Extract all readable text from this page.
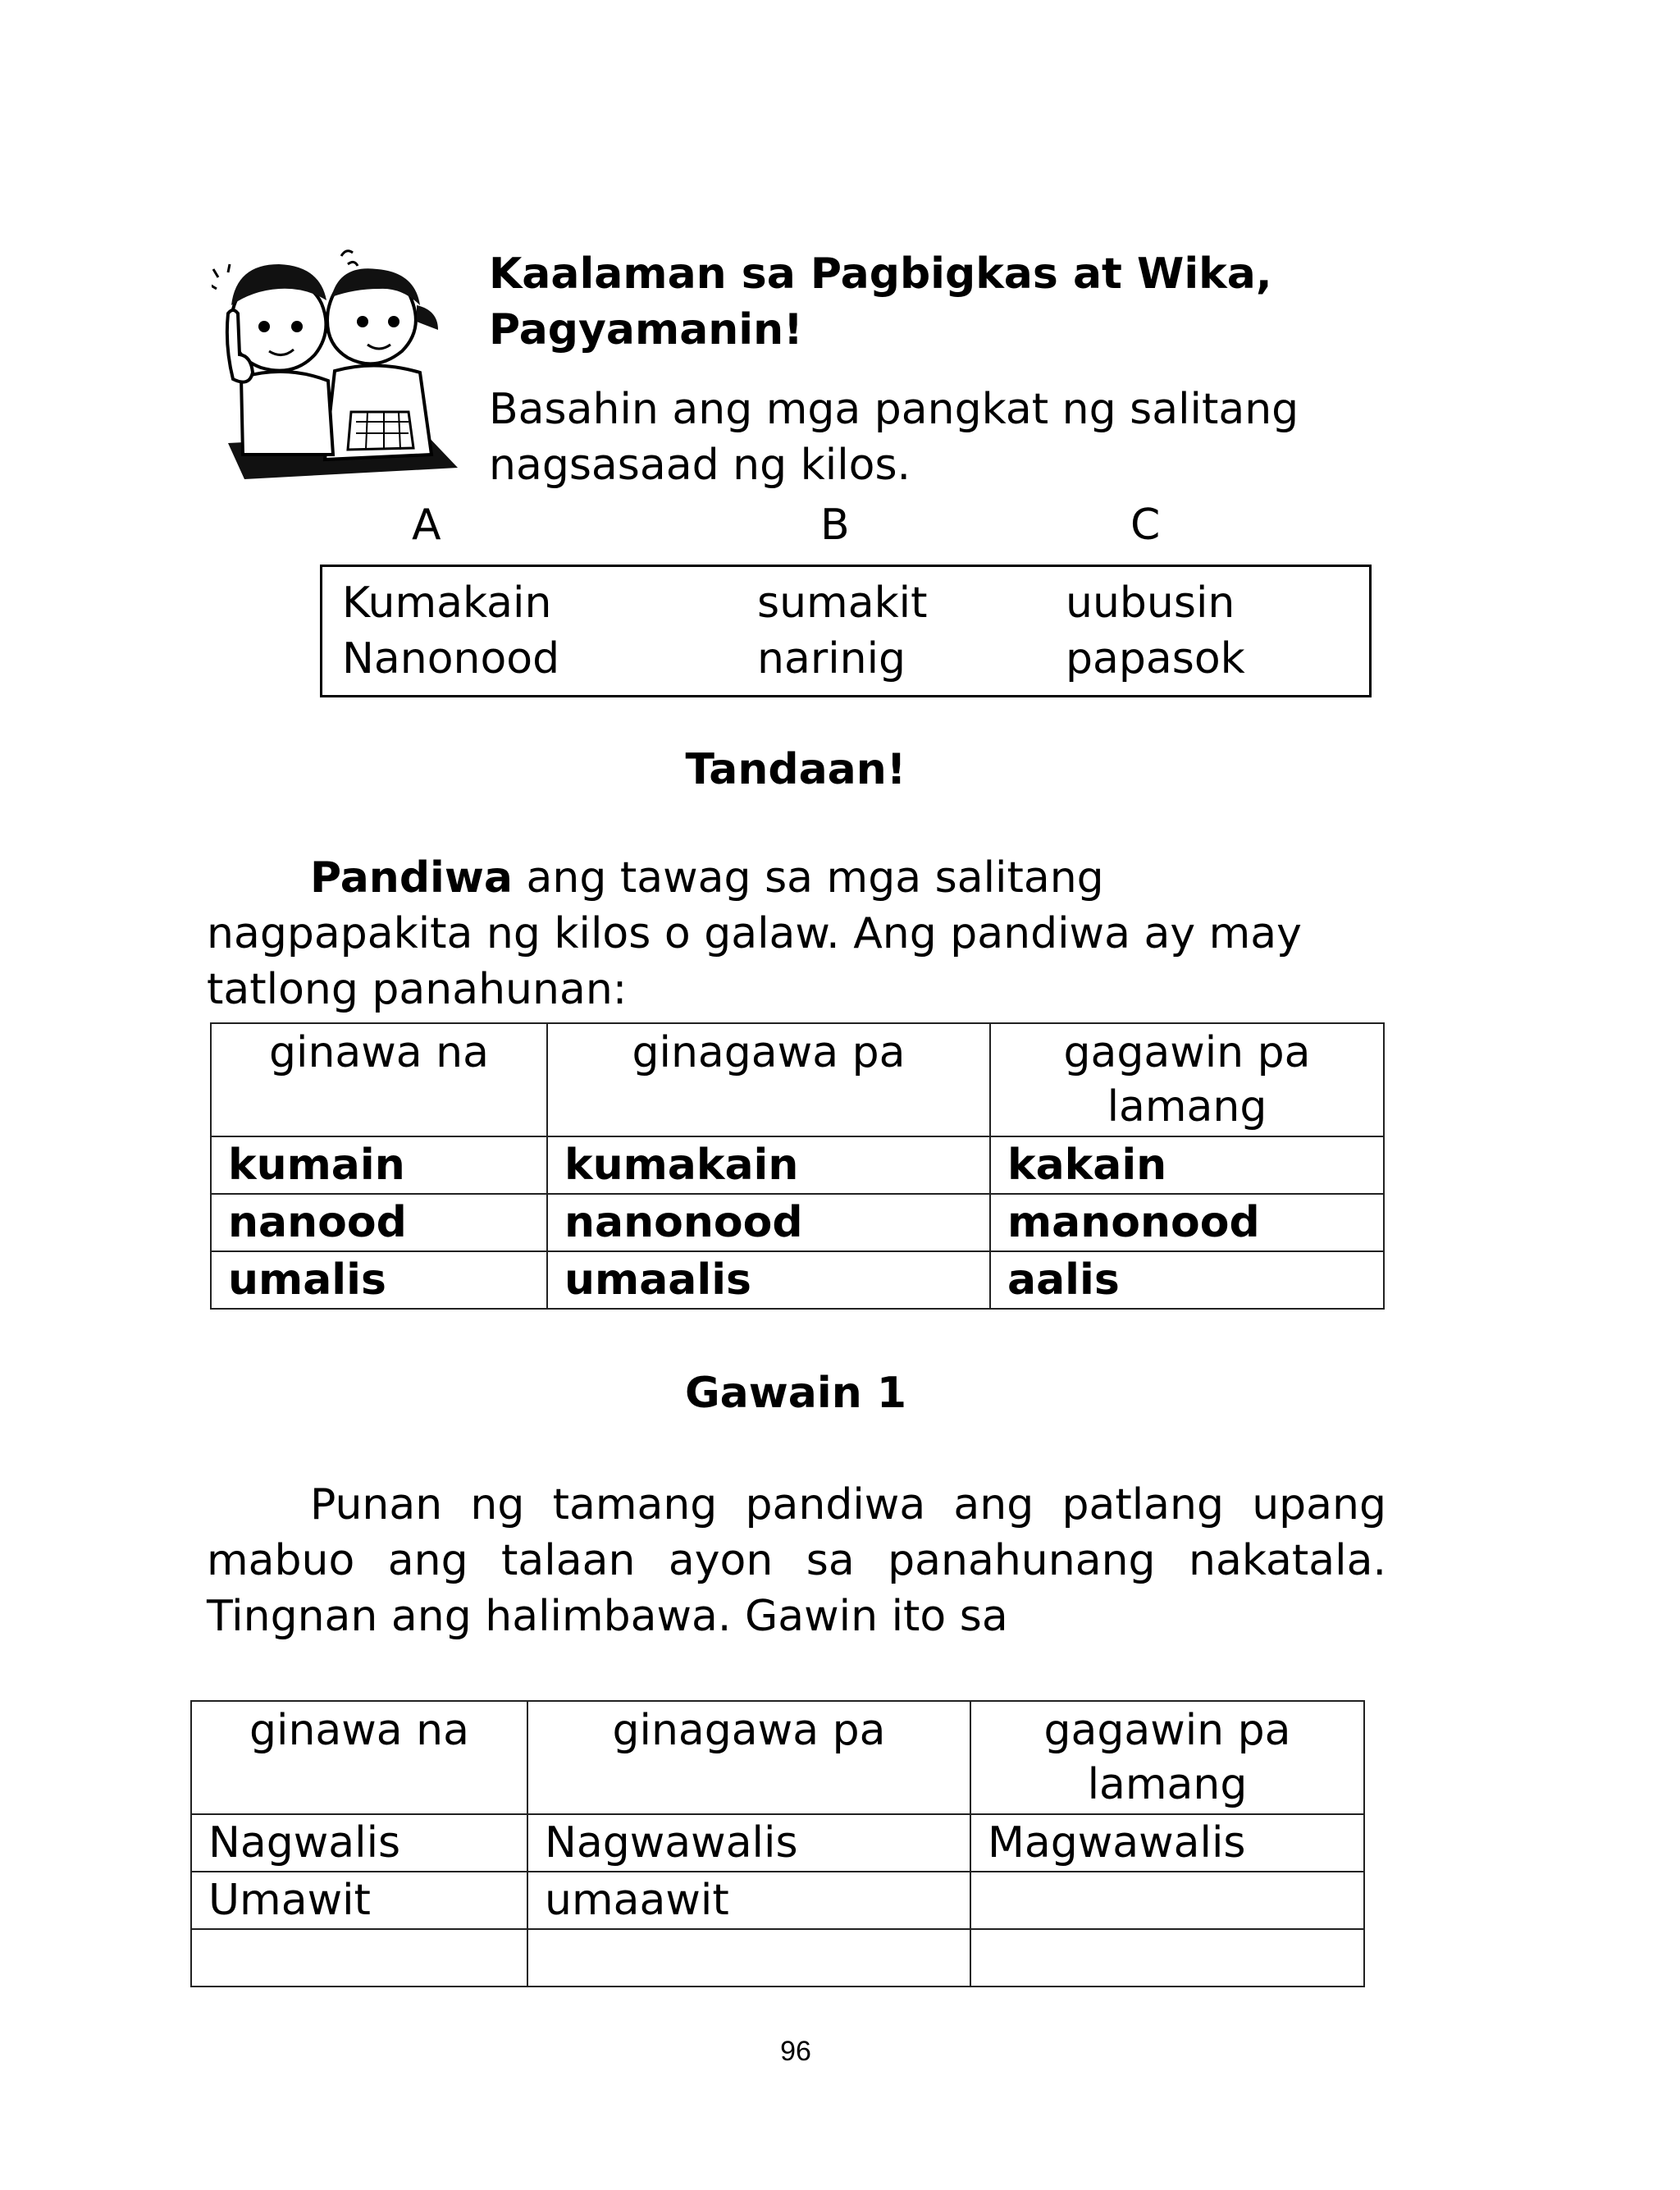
Kaalaman sa Pagbigkas at Wika,
Pagyamanin!
Basahin ang mga pangkat ng salitang
nagsasaad ng kilos.
A	B	C
Kumakain	sumakit	uubusin
Nanonood	narinig	papasok
Tandaan!
Pandiwa ang tawag sa mga salitang
nagpapakita ng kilos o galaw. Ang pandiwa ay may
tatlong panahunan:
ginawa na	ginagawa pa	gagawin pa lamang
kumain	kumakain	kakain
nanood	nanonood	manonood
umalis	umaalis	aalis
Gawain 1
Punan ng tamang pandiwa ang patlang upang mabuo ang talaan ayon sa panahunang nakatala. Tingnan ang halimbawa. Gawin ito sa
ginawa na	ginagawa pa	gagawin pa lamang
Nagwalis	Nagwawalis	Magwawalis
Umawit	umaawit	

96
